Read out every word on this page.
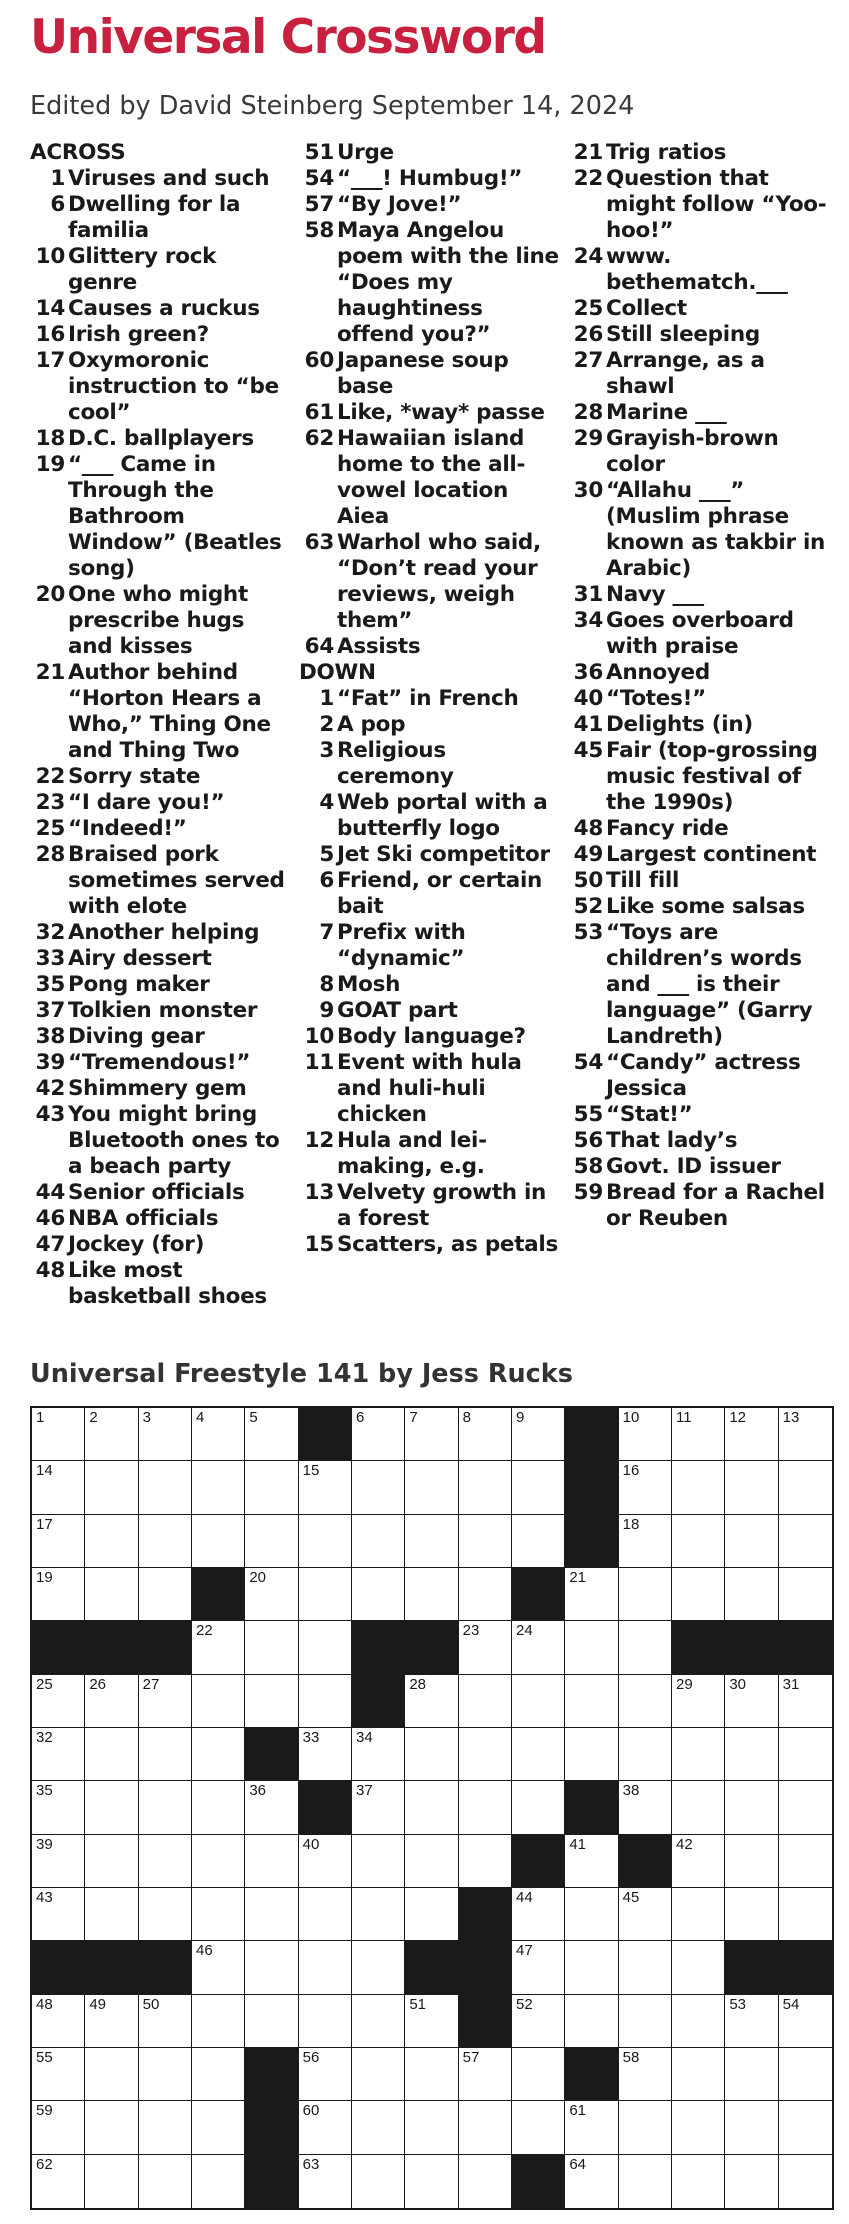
Universal Crossword
Edited by David Steinberg September 14, 2024
ACROSS
1 Viruses and such
6 Dwelling for la familia
10 Glittery rock genre
14 Causes a ruckus
16 Irish green?
17 Oxymoronic instruction to “be cool”
18 D.C. ballplayers
19 “___ Came in Through the Bathroom Window” (Beatles song)
20 One who might prescribe hugs and kisses
21 Author behind “Horton Hears a Who,” Thing One and Thing Two
22 Sorry state
23 “I dare you!”
25 “Indeed!”
28 Braised pork sometimes served with elote
32 Another helping
33 Airy dessert
35 Pong maker
37 Tolkien monster
38 Diving gear
39 “Tremendous!”
42 Shimmery gem
43 You might bring Bluetooth ones to a beach party
44 Senior officials
46 NBA officials
47 Jockey (for)
48 Like most basketball shoes
51 Urge
54 “___! Humbug!”
57 “By Jove!”
58 Maya Angelou poem with the line “Does my haughtiness offend you?”
60 Japanese soup base
61 Like, *way* passe
62 Hawaiian island home to the all-vowel location Aiea
63 Warhol who said, “Don’t read your reviews, weigh them”
64 Assists
DOWN
1 “Fat” in French
2 A pop
3 Religious ceremony
4 Web portal with a butterfly logo
5 Jet Ski competitor
6 Friend, or certain bait
7 Prefix with “dynamic”
8 Mosh
9 GOAT part
10 Body language?
11 Event with hula and huli-huli chicken
12 Hula and lei-making, e.g.
13 Velvety growth in a forest
15 Scatters, as petals
21 Trig ratios
22 Question that might follow “Yoo-hoo!”
24 www. bethematch.___
25 Collect
26 Still sleeping
27 Arrange, as a shawl
28 Marine ___
29 Grayish-brown color
30 “Allahu ___” (Muslim phrase known as takbir in Arabic)
31 Navy ___
34 Goes overboard with praise
36 Annoyed
40 “Totes!”
41 Delights (in)
45 Fair (top-grossing music festival of the 1990s)
48 Fancy ride
49 Largest continent
50 Till fill
52 Like some salsas
53 “Toys are children’s words and ___ is their language” (Garry Landreth)
54 “Candy” actress Jessica
55 “Stat!”
56 That lady’s
58 Govt. ID issuer
59 Bread for a Rachel or Reuben
Universal Freestyle 141 by Jess Rucks
1	2	3	4	5	6	7	8	9	10 11	12 13
14	15	16
17	18
19	20	21
22	23 24
25 26 27	28	29 30 31
32	33 34
35	36	37	38
39	40	41	42
43	44	45
46	47
48 49 50	51	52	53 54
55	56	57	58
59	60	61
62	63	64
